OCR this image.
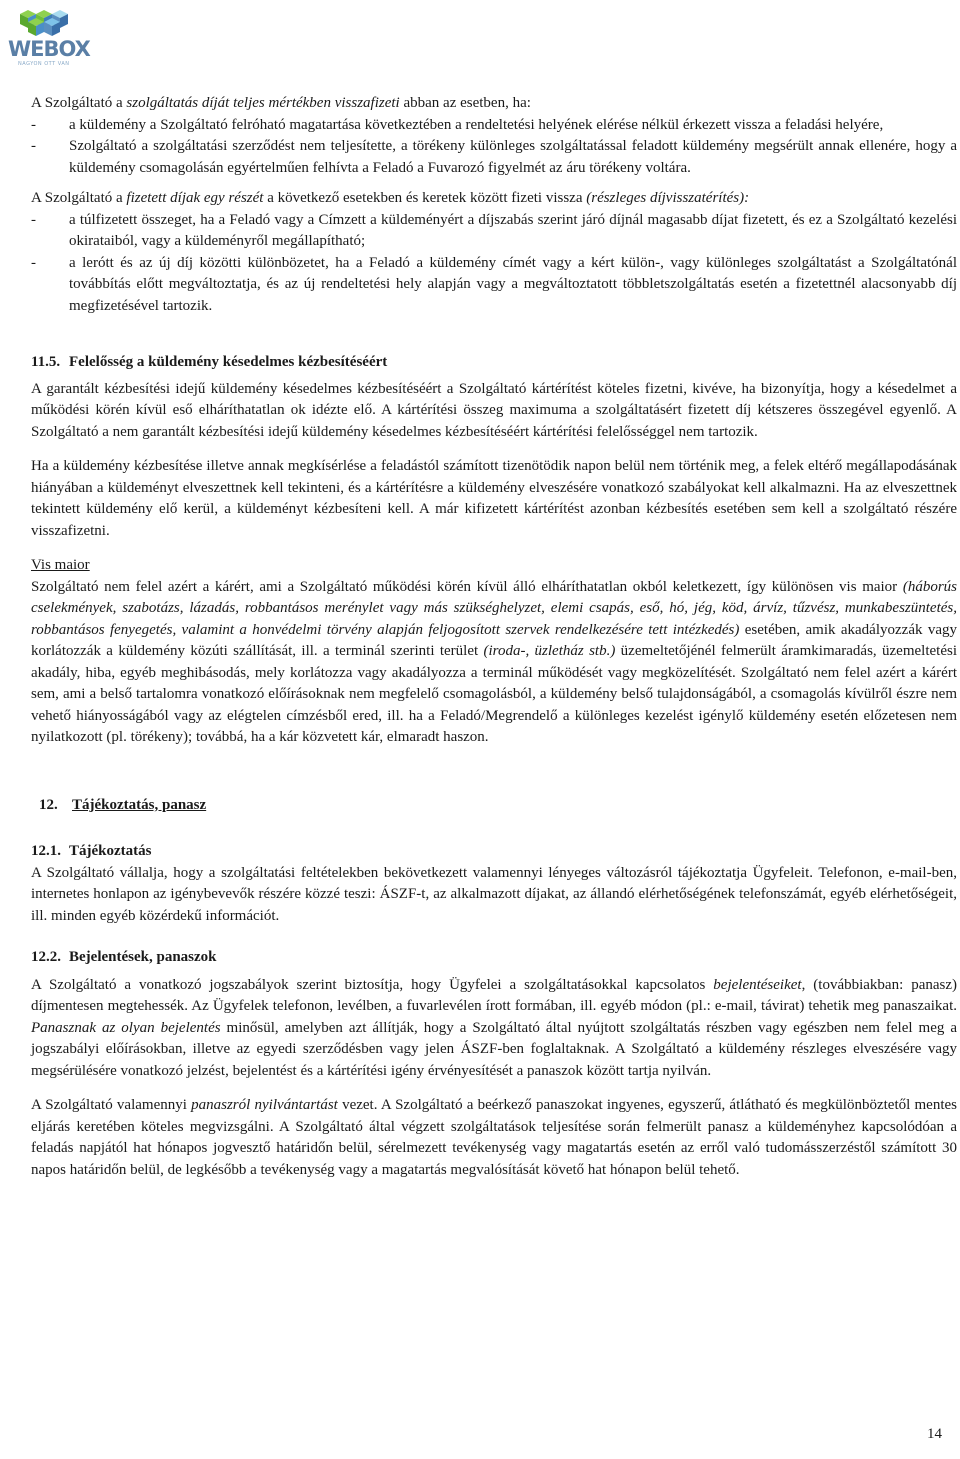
WEBOX
NAGYON OTT VAN

A Szolgáltató a szolgáltatás díját teljes mértékben visszafizeti abban az esetben, ha:

-	a küldemény a Szolgáltató felróható magatartása következtében a rendeltetési helyének elérése nélkül érkezett vissza a feladási helyére,
-	Szolgáltató a szolgáltatási szerződést nem teljesítette, a törékeny különleges szolgáltatással feladott küldemény megsérült annak ellenére, hogy a küldemény csomagolásán egyértelműen felhívta a Feladó a Fuvarozó figyelmét az áru törékeny voltára.

A Szolgáltató a fizetett díjak egy részét a következő esetekben és keretek között fizeti vissza (részleges díjvisszatérítés):

-	a túlfizetett összeget, ha a Feladó vagy a Címzett a küldeményért a díjszabás szerint járó díjnál magasabb díjat fizetett, és ez a Szolgáltató kezelési okirataiból, vagy a küldeményről megállapítható;
-	a lerótt és az új díj közötti különbözetet, ha a Feladó a küldemény címét vagy a kért külön-, vagy különleges szolgáltatást a Szolgáltatónál továbbítás előtt megváltoztatja, és az új rendeltetési hely alapján vagy a megváltoztatott többletszolgáltatás esetén a fizetettnél alacsonyabb díj megfizetésével tartozik.
11.5. Felelősség a küldemény késedelmes kézbesítéséért

A garantált kézbesítési idejű küldemény késedelmes kézbesítéséért a Szolgáltató kártérítést köteles fizetni, kivéve, ha bizonyítja, hogy a késedelmet a működési körén kívül eső elháríthatatlan ok idézte elő. A kártérítési összeg maximuma a szolgáltatásért fizetett díj kétszeres összegével egyenlő. A Szolgáltató a nem garantált kézbesítési idejű küldemény késedelmes kézbesítéséért kártérítési felelősséggel nem tartozik.

Ha a küldemény kézbesítése illetve annak megkísérlése a feladástól számított tizenötödik napon belül nem történik meg, a felek eltérő megállapodásának hiányában a küldeményt elveszettnek kell tekinteni, és a kártérítésre a küldemény elveszésére vonatkozó szabályokat kell alkalmazni. Ha az elveszettnek tekintett küldemény elő kerül, a küldeményt kézbesíteni kell. A már kifizetett kártérítést azonban kézbesítés esetében sem kell a szolgáltató részére visszafizetni.

Vis maior

Szolgáltató nem felel azért a kárért, ami a Szolgáltató működési körén kívül álló elháríthatatlan okból keletkezett, így különösen vis maior (háborús cselekmények, szabotázs, lázadás, robbantásos merénylet vagy más szükséghelyzet, elemi csapás, eső, hó, jég, köd, árvíz, tűzvész, munkabeszüntetés, robbantásos fenyegetés, valamint a honvédelmi törvény alapján feljogosított szervek rendelkezésére tett intézkedés) esetében, amik akadályozzák vagy korlátozzák a küldemény közúti szállítását, ill. a terminál szerinti terület (iroda-, üzletház stb.) üzemeltetőjénél felmerült áramkimaradás, üzemeltetési akadály, hiba, egyéb meghibásodás, mely korlátozza vagy akadályozza a terminál működését vagy megközelítését. Szolgáltató nem felel azért a kárért sem, ami a belső tartalomra vonatkozó előírásoknak nem megfelelő csomagolásból, a küldemény belső tulajdonságából, a csomagolás kívülről észre nem vehető hiányosságából vagy az elégtelen címzésből ered, ill. ha a Feladó/Megrendelő a különleges kezelést igénylő küldemény esetén előzetesen nem nyilatkozott (pl. törékeny); továbbá, ha a kár közvetett kár, elmaradt haszon.

12. Tájékoztatás, panasz
12.1. Tájékoztatás

A Szolgáltató vállalja, hogy a szolgáltatási feltételekben bekövetkezett valamennyi lényeges változásról tájékoztatja Ügyfeleit. Telefonon, e-mail-ben, internetes honlapon az igénybevevők részére közzé teszi: ÁSZF-t, az alkalmazott díjakat, az állandó elérhetőségének telefonszámát, egyéb elérhetőségeit, ill. minden egyéb közérdekű információt.

12.2. Bejelentések, panaszok

A Szolgáltató a vonatkozó jogszabályok szerint biztosítja, hogy Ügyfelei a szolgáltatásokkal kapcsolatos bejelentéseiket, (továbbiakban: panasz) díjmentesen megtehessék. Az Ügyfelek telefonon, levélben, a fuvarlevélen írott formában, ill. egyéb módon (pl.: e-mail, távirat) tehetik meg panaszaikat. Panasznak az olyan bejelentés minősül, amelyben azt állítják, hogy a Szolgáltató által nyújtott szolgáltatás részben vagy egészben nem felel meg a jogszabályi előírásokban, illetve az egyedi szerződésben vagy jelen ÁSZF-ben foglaltaknak. A Szolgáltató a küldemény részleges elveszésére vagy megsérülésére vonatkozó jelzést, bejelentést és a kártérítési igény érvényesítését a panaszok között tartja nyilván.

A Szolgáltató valamennyi panaszról nyilvántartást vezet. A Szolgáltató a beérkező panaszokat ingyenes, egyszerű, átlátható és megkülönböztetől mentes eljárás keretében köteles megvizsgálni. A Szolgáltató által végzett szolgáltatások teljesítése során felmerült panasz a küldeményhez kapcsolódóan a feladás napjától hat hónapos jogvesztő határidőn belül, sérelmezett tevékenység vagy magatartás esetén az erről való tudomásszerzéstől számított 30 napos határidőn belül, de legkésőbb a tevékenység vagy a magatartás megvalósítását követő hat hónapon belül tehető.

14
